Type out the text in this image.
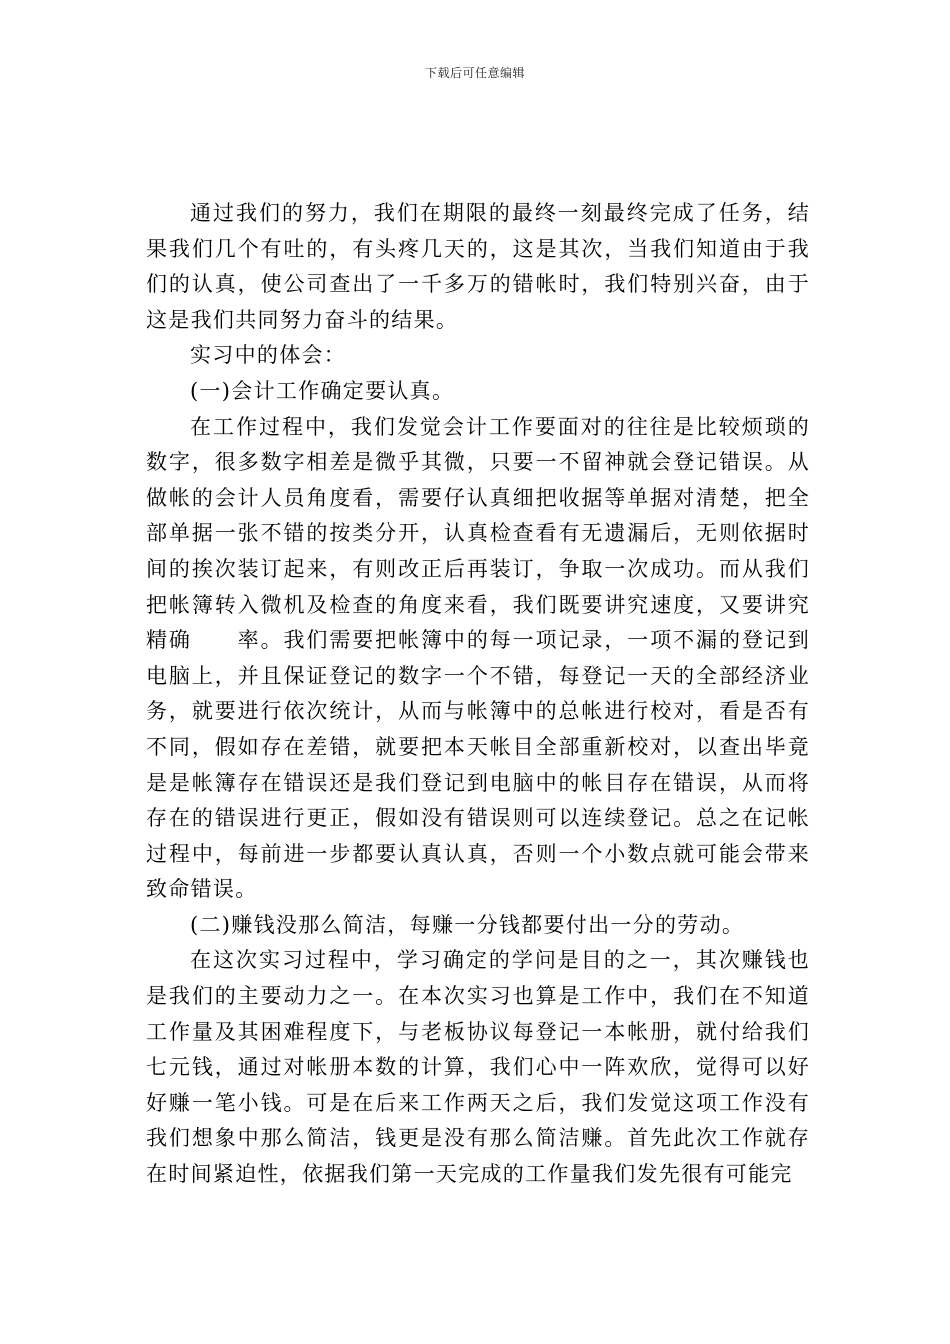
下载后可任意编辑

通过我们的努力，我们在期限的最终一刻最终完成了任务，结果我们几个有吐的，有头疼几天的，这是其次，当我们知道由于我们的认真，使公司查出了一千多万的错帐时，我们特别兴奋，由于这是我们共同努力奋斗的结果。

实习中的体会：

(一)会计工作确定要认真。

在工作过程中，我们发觉会计工作要面对的往往是比较烦琐的数字，很多数字相差是微乎其微，只要一不留神就会登记错误。从做帐的会计人员角度看，需要仔认真细把收据等单据对清楚，把全部单据一张不错的按类分开，认真检查看有无遗漏后，无则依据时间的挨次装订起来，有则改正后再装订，争取一次成功。而从我们把帐簿转入微机及检查的角度来看，我们既要讲究速度，又要讲究精确　　率。我们需要把帐簿中的每一项记录，一项不漏的登记到电脑上，并且保证登记的数字一个不错，每登记一天的全部经济业务，就要进行依次统计，从而与帐簿中的总帐进行校对，看是否有不同，假如存在差错，就要把本天帐目全部重新校对，以查出毕竟是是帐簿存在错误还是我们登记到电脑中的帐目存在错误，从而将存在的错误进行更正，假如没有错误则可以连续登记。总之在记帐过程中，每前进一步都要认真认真，否则一个小数点就可能会带来致命错误。

(二)赚钱没那么简洁，每赚一分钱都要付出一分的劳动。

在这次实习过程中，学习确定的学问是目的之一，其次赚钱也是我们的主要动力之一。在本次实习也算是工作中，我们在不知道工作量及其困难程度下，与老板协议每登记一本帐册，就付给我们七元钱，通过对帐册本数的计算，我们心中一阵欢欣，觉得可以好好赚一笔小钱。可是在后来工作两天之后，我们发觉这项工作没有我们想象中那么简洁，钱更是没有那么简洁赚。首先此次工作就存在时间紧迫性，依据我们第一天完成的工作量我们发先很有可能完
